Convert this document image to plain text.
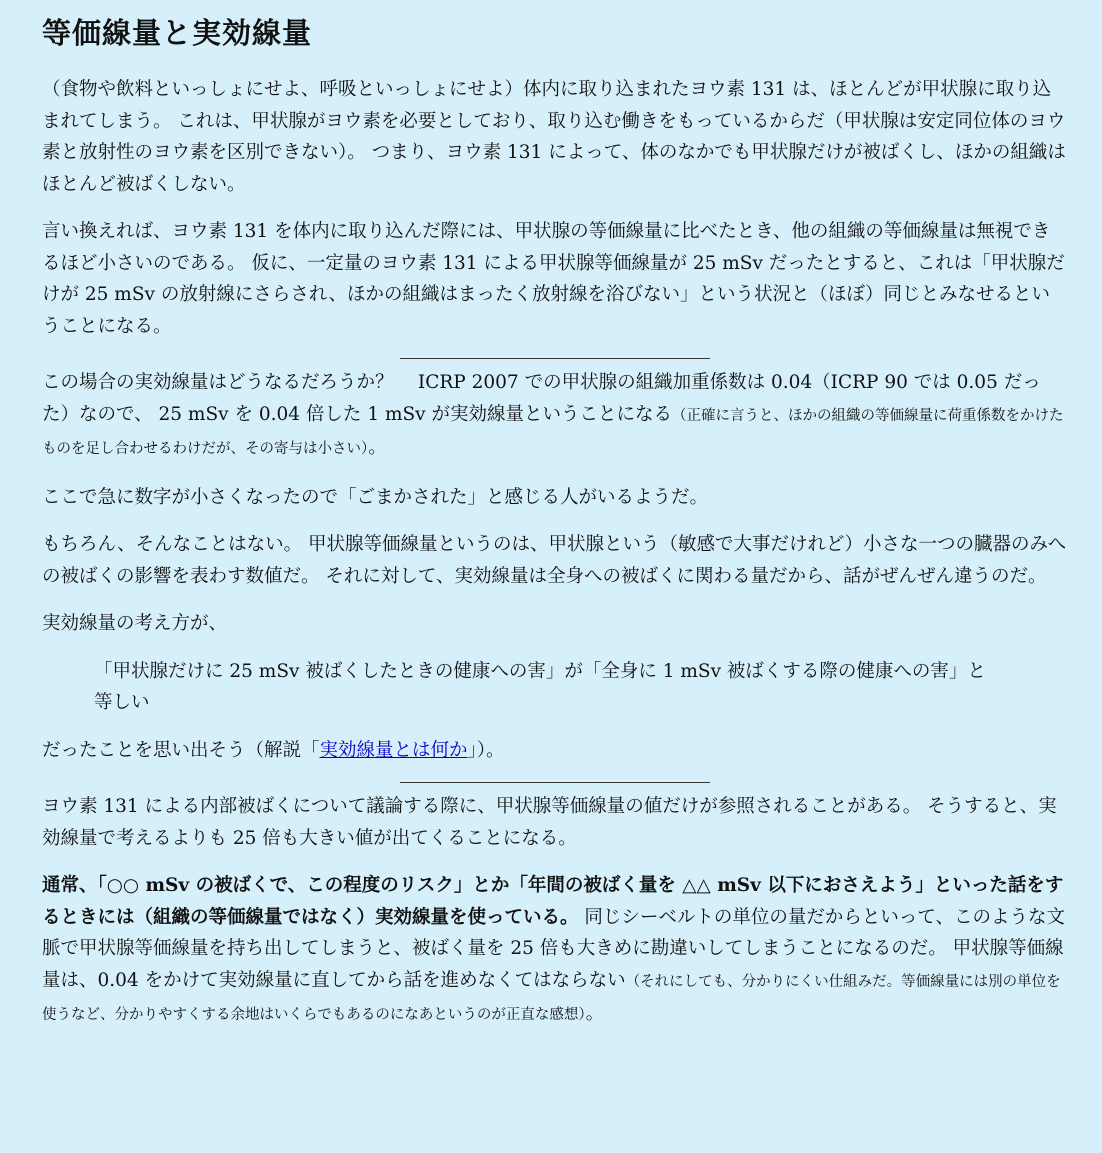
等価線量と実効線量

（食物や飲料といっしょにせよ、呼吸といっしょにせよ）体内に取り込まれたヨウ素 131 は、ほとんどが甲状腺に取り込まれてしまう。 これは、甲状腺がヨウ素を必要としており、取り込む働きをもっているからだ（甲状腺は安定同位体のヨウ素と放射性のヨウ素を区別できない）。 つまり、ヨウ素 131 によって、体のなかでも甲状腺だけが被ばくし、ほかの組織はほとんど被ばくしない。

言い換えれば、ヨウ素 131 を体内に取り込んだ際には、甲状腺の等価線量に比べたとき、他の組織の等価線量は無視できるほど小さいのである。 仮に、一定量のヨウ素 131 による甲状腺等価線量が 25 mSv だったとすると、これは「甲状腺だけが 25 mSv の放射線にさらされ、ほかの組織はまったく放射線を浴びない」という状況と（ほぼ）同じとみなせるということになる。

この場合の実効線量はどうなるだろうか？　 ICRP 2007 での甲状腺の組織加重係数は 0.04（ICRP 90 では 0.05 だった）なので、 25 mSv を 0.04 倍した 1 mSv が実効線量ということになる（正確に言うと、ほかの組織の等価線量に荷重係数をかけたものを足し合わせるわけだが、その寄与は小さい）。

ここで急に数字が小さくなったので「ごまかされた」と感じる人がいるようだ。

もちろん、そんなことはない。 甲状腺等価線量というのは、甲状腺という（敏感で大事だけれど）小さな一つの臓器のみへの被ばくの影響を表わす数値だ。 それに対して、実効線量は全身への被ばくに関わる量だから、話がぜんぜん違うのだ。

実効線量の考え方が、

「甲状腺だけに 25 mSv 被ばくしたときの健康への害」が「全身に 1 mSv 被ばくする際の健康への害」と等しい

だったことを思い出そう（解説「実効線量とは何か」）。

ヨウ素 131 による内部被ばくについて議論する際に、甲状腺等価線量の値だけが参照されることがある。 そうすると、実効線量で考えるよりも 25 倍も大きい値が出てくることになる。

通常、「○○ mSv の被ばくで、この程度のリスク」とか「年間の被ばく量を △△ mSv 以下におさえよう」といった話をするときには（組織の等価線量ではなく）実効線量を使っている。 同じシーベルトの単位の量だからといって、このような文脈で甲状腺等価線量を持ち出してしまうと、被ばく量を 25 倍も大きめに勘違いしてしまうことになるのだ。 甲状腺等価線量は、0.04 をかけて実効線量に直してから話を進めなくてはならない（それにしても、分かりにくい仕組みだ。等価線量には別の単位を使うなど、分かりやすくする余地はいくらでもあるのになあというのが正直な感想）。
